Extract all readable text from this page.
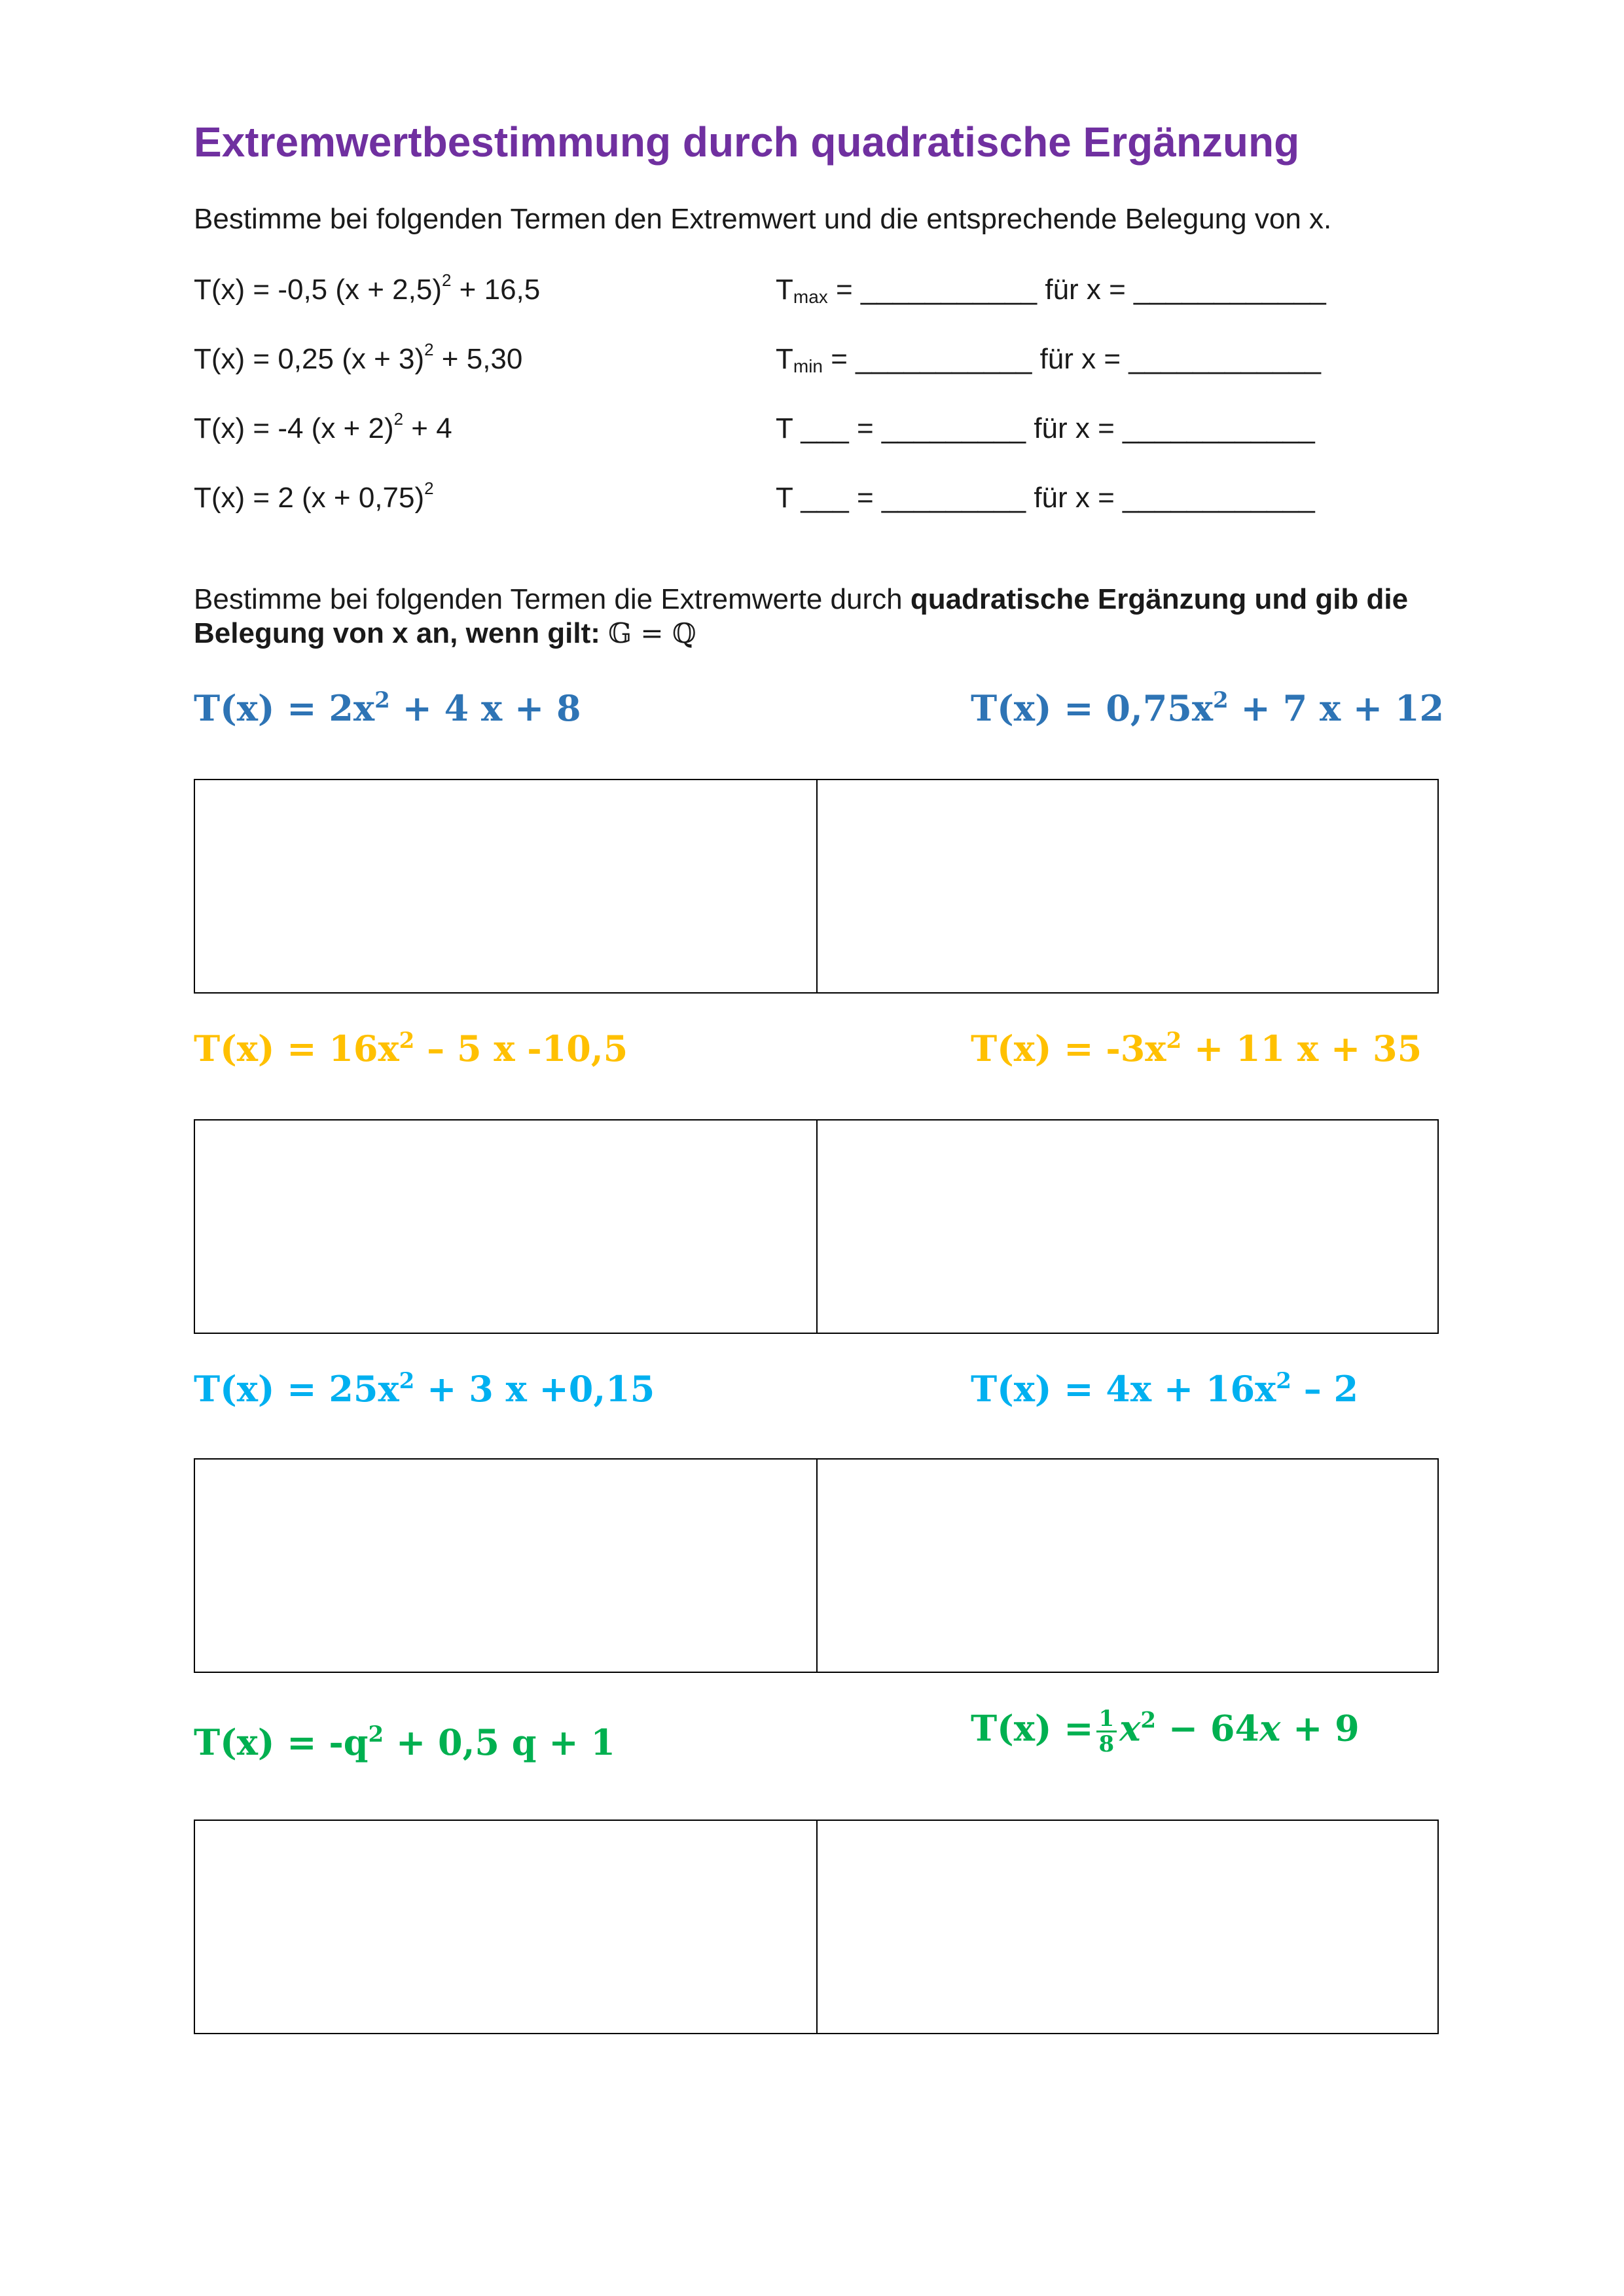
Extremwertbestimmung durch quadratische Ergänzung
Bestimme bei folgenden Termen den Extremwert und die entsprechende Belegung von x.
T(x) = -0,5 $(x + 2,5)^2 + 16,5$	$T_{max}$ = ___________ für x = ____________
T(x) = 0,25 $(x + 3)^2 + 5,30$	$T_{min}$ = ___________ für x = ____________
T(x) = -4 $(x + 2)^2 + 4$	T ___ = _________ für x = ____________
T(x) = 2 $(x + 0,75)^2$	T ___ = _________ für x = ____________
Bestimme bei folgenden Termen die Extremwerte durch quadratische Ergänzung und gib die Belegung von x an, wenn gilt: 𝔾 = ℚ
$T(x) = 2x^2 + 4$ x + 8	$T(x) = 0,75x^2 + 7$ x + 12
$T(x) = 16x^2 - 5$ x -10,5	$T(x) = -3x^2 + 11$ x + 35
$T(x) = 25x^2 + 3$ x +0,15	$T(x) = 4x + 16x^2 - 2$
$T(x) = -q^2 + 0,5$ q + 1	$T(x) = \frac{1}{8} x^2 - 64x + 9$
